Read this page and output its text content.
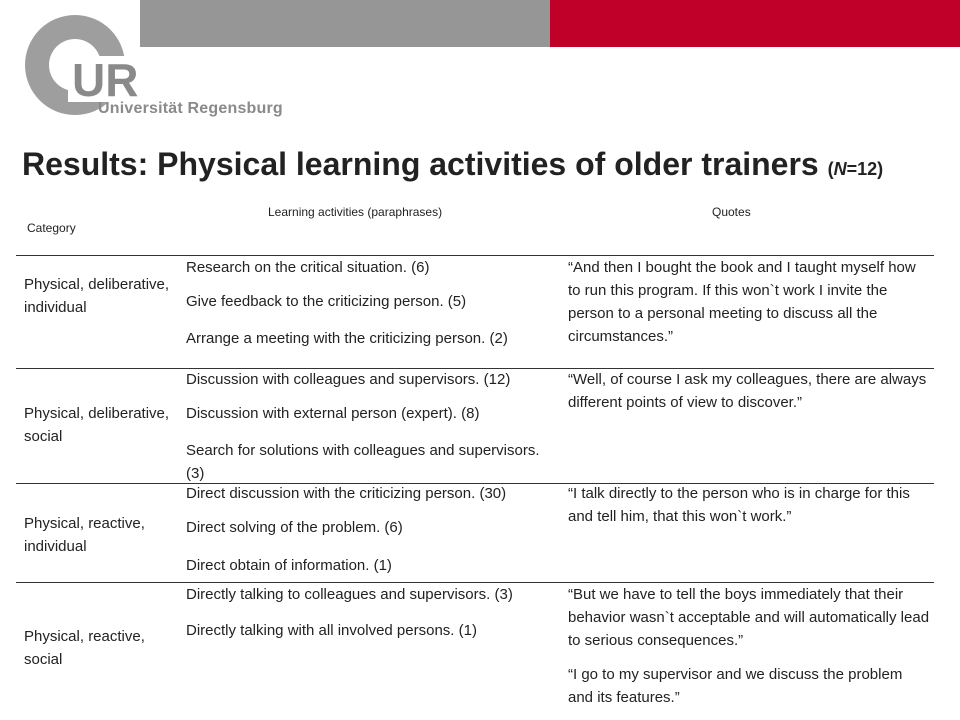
UR
Universität Regensburg
Results: Physical learning activities of older trainers (N=12)
Category
Learning activities (paraphrases)	Quotes
Physical, deliberative, individual
Research on the critical situation. (6)
Give feedback to the criticizing person. (5)
Arrange a meeting with the criticizing person. (2)
“And then I bought the book and I taught myself how to run this program. If this won`t work I invite the person to a personal meeting to discuss all the circumstances.”
Physical, deliberative, social
Discussion with colleagues and supervisors. (12)
Discussion with external person (expert). (8)
Search for solutions with colleagues and supervisors. (3)
“Well, of course I ask my colleagues, there are always different points of view to discover.”
Physical, reactive, individual
Direct discussion with the criticizing person. (30)
Direct solving of the problem. (6)
Direct obtain of information. (1)
“I talk directly to the person who is in charge for this and tell him, that this won`t work.”
Physical, reactive, social
Directly talking to colleagues and supervisors. (3)
Directly talking with all involved persons. (1)
“But we have to tell the boys immediately that their behavior wasn`t acceptable and will automatically lead to serious consequences.”
“I go to my supervisor and we discuss the problem and its features.”
